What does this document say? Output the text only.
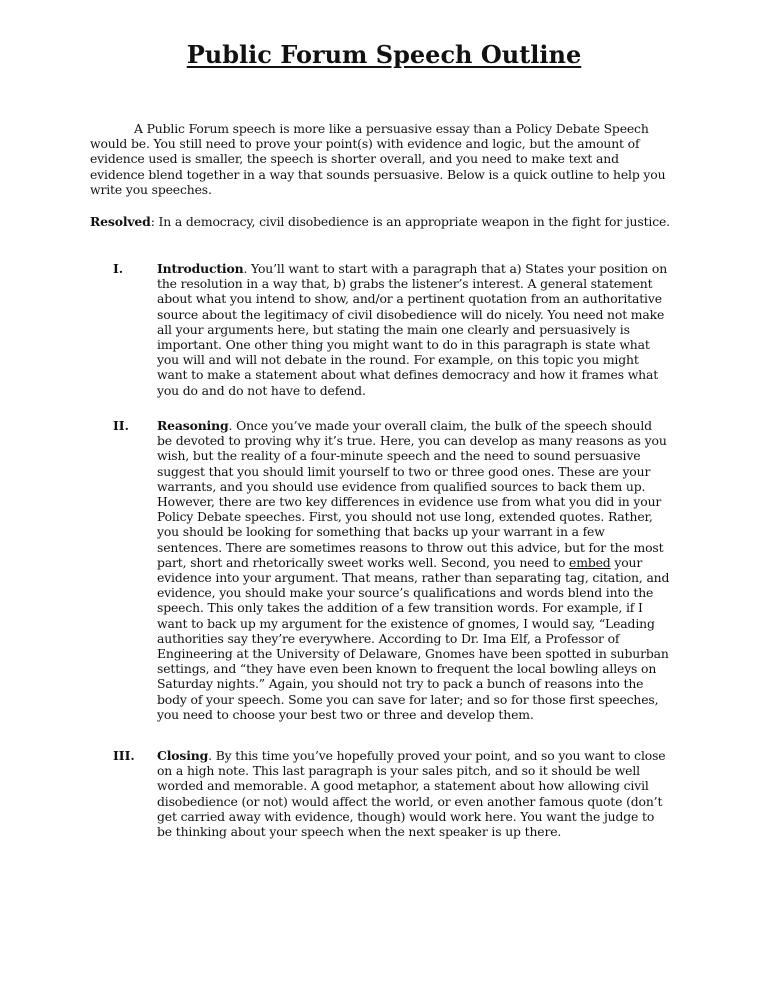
Public Forum Speech Outline

A Public Forum speech is more like a persuasive essay than a Policy Debate Speech would be. You still need to prove your point(s) with evidence and logic, but the amount of evidence used is smaller, the speech is shorter overall, and you need to make text and evidence blend together in a way that sounds persuasive. Below is a quick outline to help you write you speeches.

Resolved: In a democracy, civil disobedience is an appropriate weapon in the fight for justice.

I.	Introduction. You’ll want to start with a paragraph that a) States your position on the resolution in a way that, b) grabs the listener’s interest. A general statement about what you intend to show, and/or a pertinent quotation from an authoritative source about the legitimacy of civil disobedience will do nicely. You need not make all your arguments here, but stating the main one clearly and persuasively is important. One other thing you might want to do in this paragraph is state what you will and will not debate in the round. For example, on this topic you might want to make a statement about what defines democracy and how it frames what you do and do not have to defend.

II. Reasoning. Once you’ve made your overall claim, the bulk of the speech should be devoted to proving why it’s true. Here, you can develop as many reasons as you wish, but the reality of a four-minute speech and the need to sound persuasive suggest that you should limit yourself to two or three good ones. These are your warrants, and you should use evidence from qualified sources to back them up. However, there are two key differences in evidence use from what you did in your Policy Debate speeches. First, you should not use long, extended quotes. Rather, you should be looking for something that backs up your warrant in a few sentences. There are sometimes reasons to throw out this advice, but for the most part, short and rhetorically sweet works well. Second, you need to embed your evidence into your argument. That means, rather than separating tag, citation, and evidence, you should make your source’s qualifications and words blend into the speech. This only takes the addition of a few transition words. For example, if I want to back up my argument for the existence of gnomes, I would say, “Leading authorities say they’re everywhere. According to Dr. Ima Elf, a Professor of Engineering at the University of Delaware, Gnomes have been spotted in suburban settings, and “they have even been known to frequent the local bowling alleys on Saturday nights.” Again, you should not try to pack a bunch of reasons into the body of your speech. Some you can save for later; and so for those first speeches, you need to choose your best two or three and develop them.

III. Closing. By this time you’ve hopefully proved your point, and so you want to close on a high note. This last paragraph is your sales pitch, and so it should be well worded and memorable. A good metaphor, a statement about how allowing civil disobedience (or not) would affect the world, or even another famous quote (don’t get carried away with evidence, though) would work here. You want the judge to be thinking about your speech when the next speaker is up there.
